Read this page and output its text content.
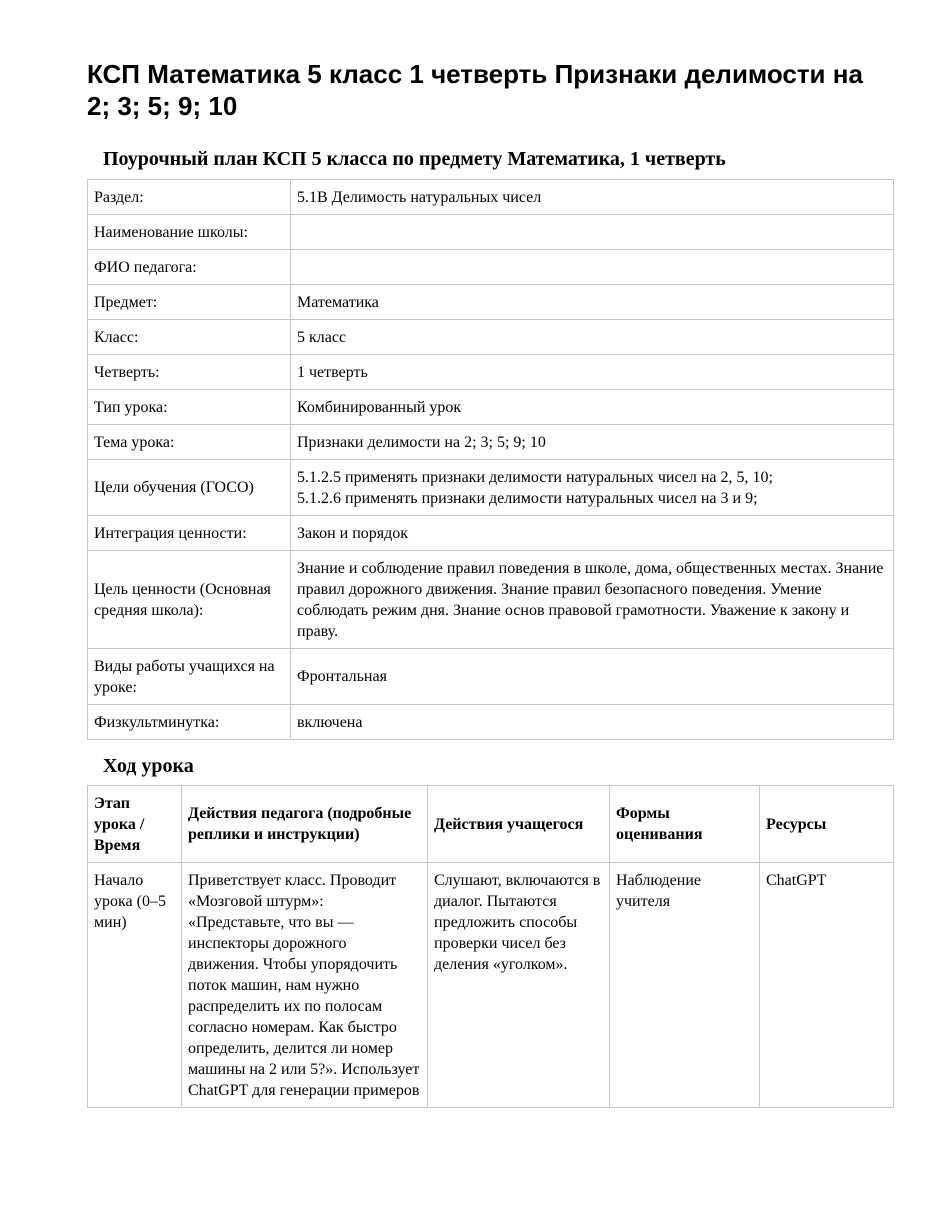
КСП Математика 5 класс 1 четверть Признаки делимости на 2; 3; 5; 9; 10
Поурочный план КСП 5 класса по предмету Математика, 1 четверть
Раздел:	5.1В Делимость натуральных чисел
Наименование школы:	
ФИО педагога:	
Предмет:	Математика
Класс:	5 класс
Четверть:	1 четверть
Тип урока:	Комбинированный урок
Тема урока:	Признаки делимости на 2; 3; 5; 9; 10
Цели обучения (ГОСО)	5.1.2.5 применять признаки делимости натуральных чисел на 2, 5, 10;
5.1.2.6 применять признаки делимости натуральных чисел на 3 и 9;

Интеграция ценности:	Закон и порядок
Цель ценности (Основная средняя школа):	Знание и соблюдение правил поведения в школе, дома, общественных местах. Знание правил дорожного движения. Знание правил безопасного поведения. Умение соблюдать режим дня. Знание основ правовой грамотности. Уважение к закону и праву.
Виды работы учащихся на уроке:	Фронтальная
Физкультминутка:	включена
Ход урока
Этап урока / Время	Действия педагога (подробные реплики и инструкции)	Действия учащегося	Формы оценивания	Ресурсы
Начало урока (0–5 мин)	Приветствует класс. Проводит «Мозговой штурм»: «Представьте, что вы — инспекторы дорожного движения. Чтобы упорядочить поток машин, нам нужно распределить их по полосам согласно номерам. Как быстро определить, делится ли номер машины на 2 или 5?». Использует ChatGPT для генерации примеров	Слушают, включаются в диалог. Пытаются предложить способы проверки чисел без деления «уголком».	Наблюдение учителя	ChatGPT
